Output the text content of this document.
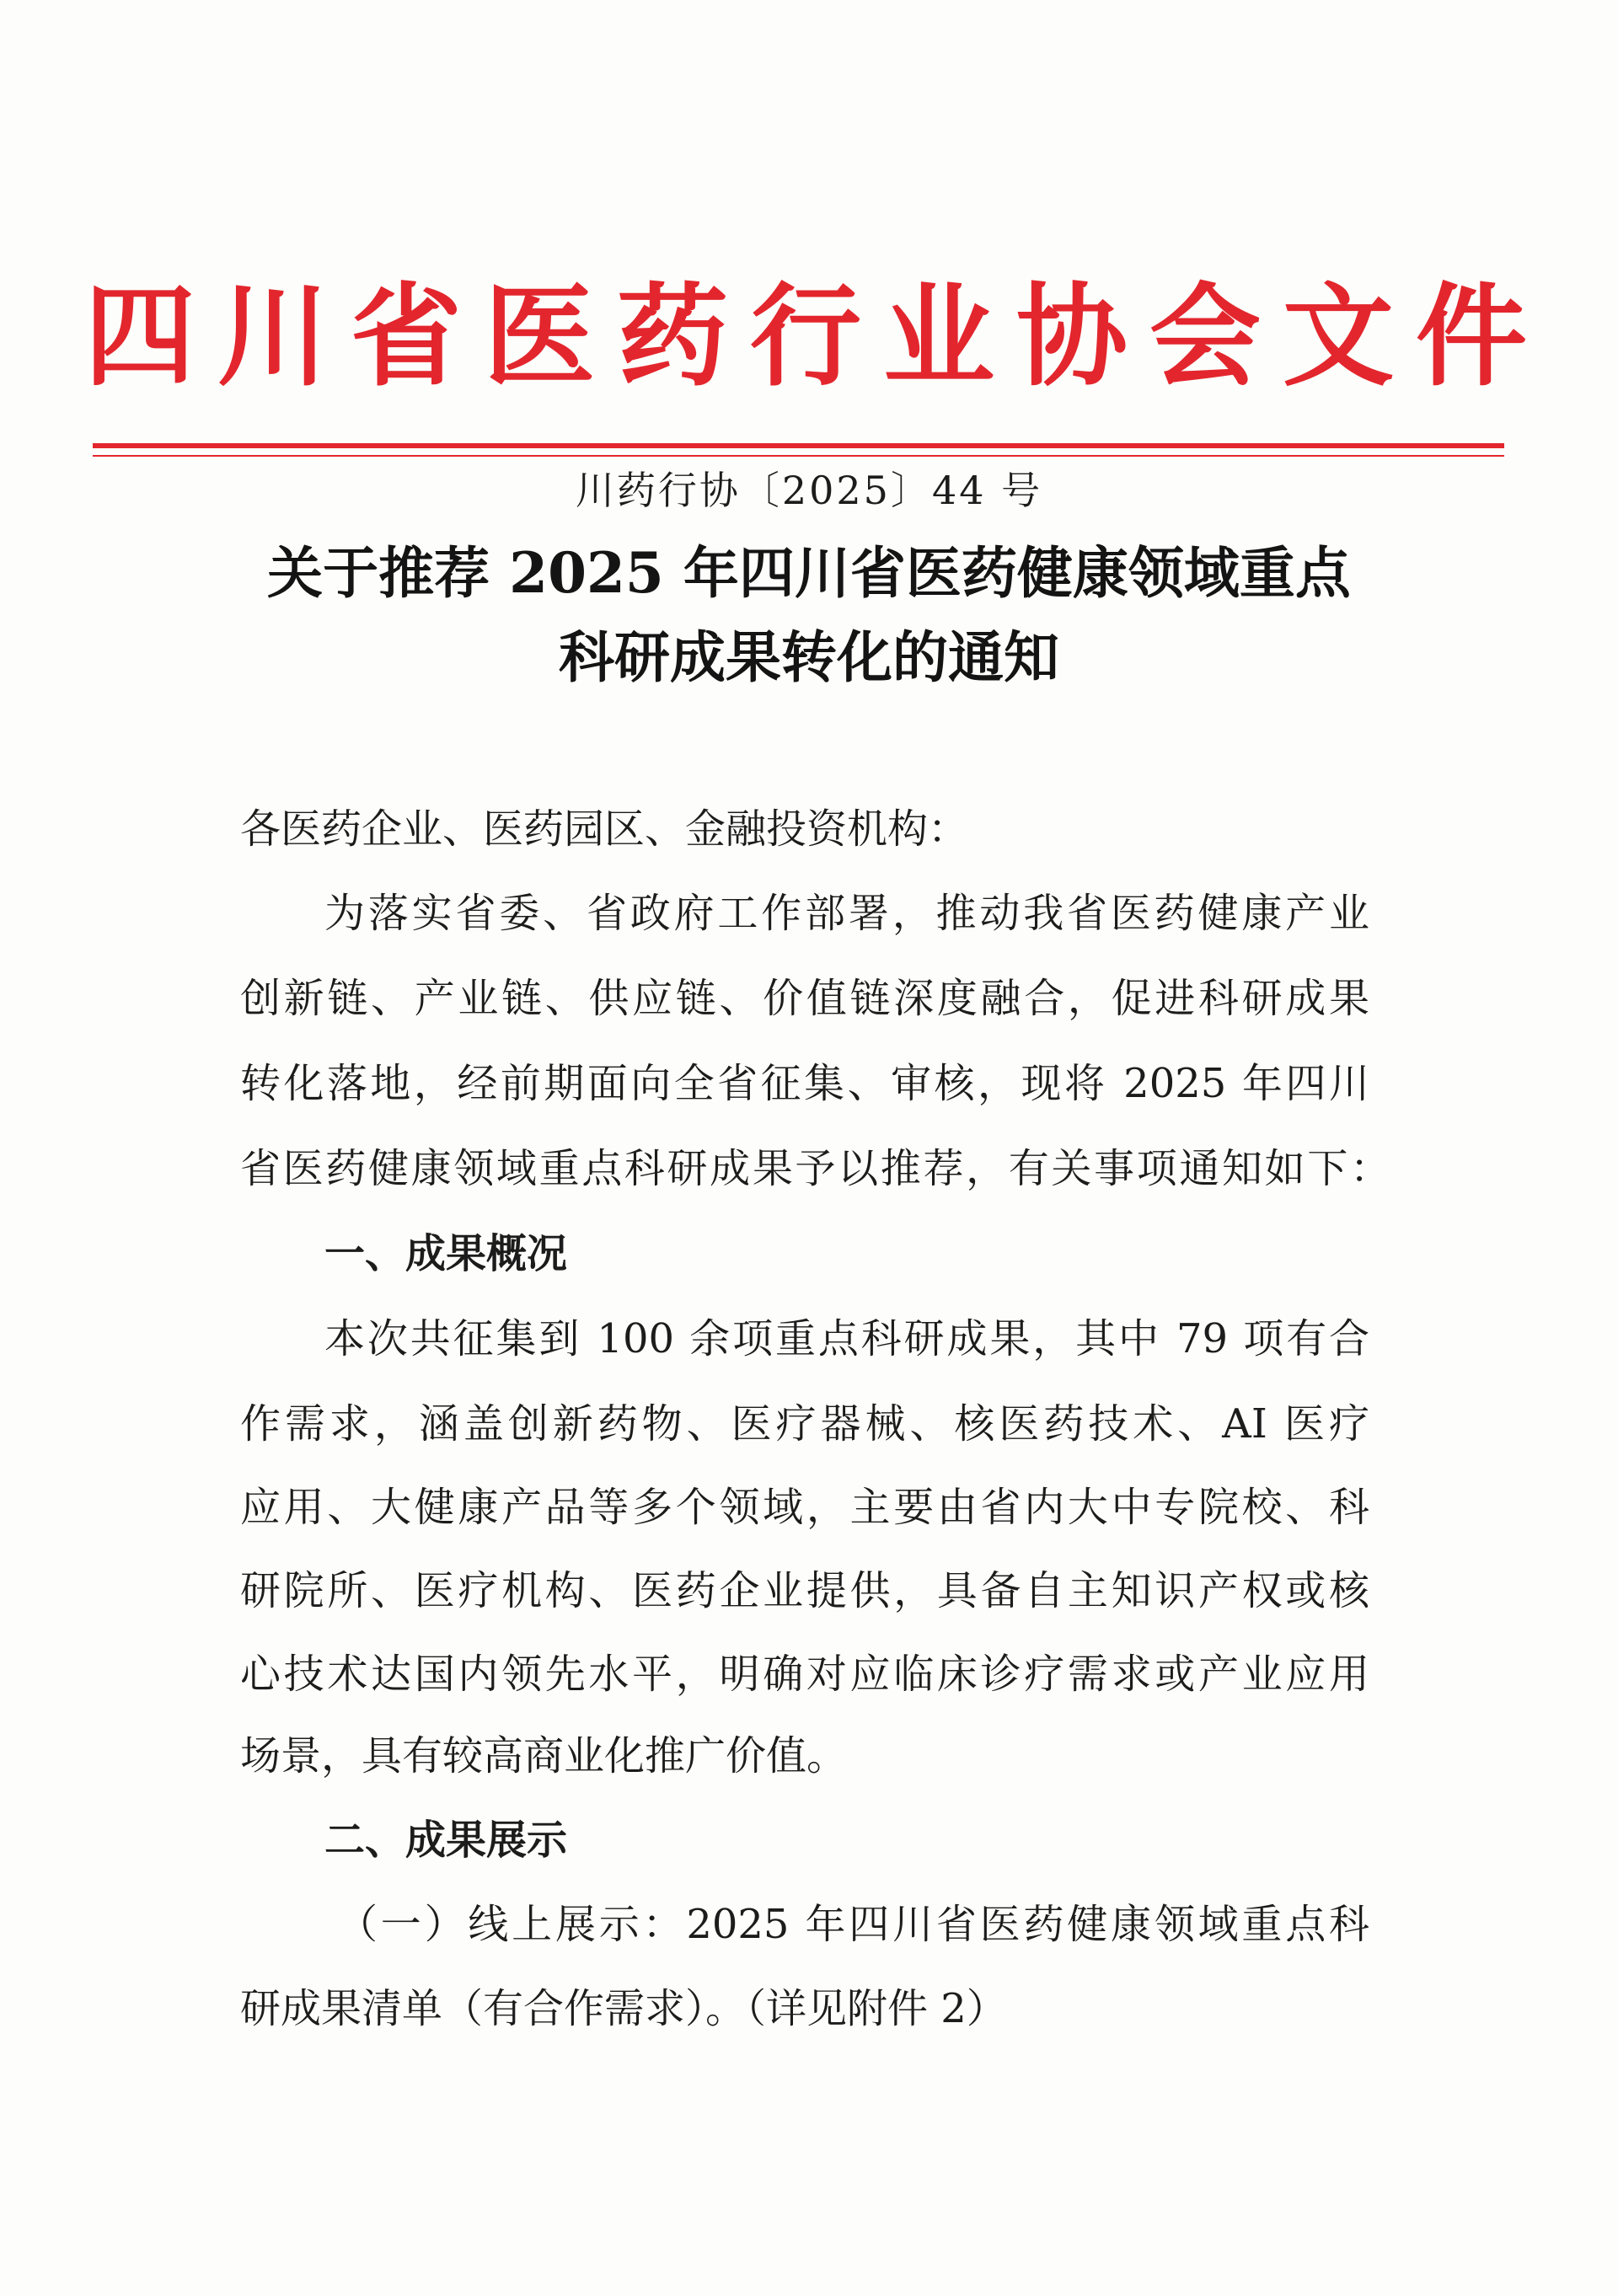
四川省医药行业协会文件
川药行协〔2025〕44 号
关于推荐 2025 年四川省医药健康领域重点
科研成果转化的通知
各医药企业、医药园区、金融投资机构：
为落实省委、省政府工作部署，推动我省医药健康产业
创新链、产业链、供应链、价值链深度融合，促进科研成果
转化落地，经前期面向全省征集、审核，现将 2025 年四川
省医药健康领域重点科研成果予以推荐，有关事项通知如下：
一、成果概况
本次共征集到 100 余项重点科研成果，其中 79 项有合
作需求，涵盖创新药物、医疗器械、核医药技术、AI 医疗
应用、大健康产品等多个领域，主要由省内大中专院校、科
研院所、医疗机构、医药企业提供，具备自主知识产权或核
心技术达国内领先水平，明确对应临床诊疗需求或产业应用
场景，具有较高商业化推广价值。
二、成果展示
（一）线上展示：2025 年四川省医药健康领域重点科
研成果清单（有合作需求）。（详见附件 2）
